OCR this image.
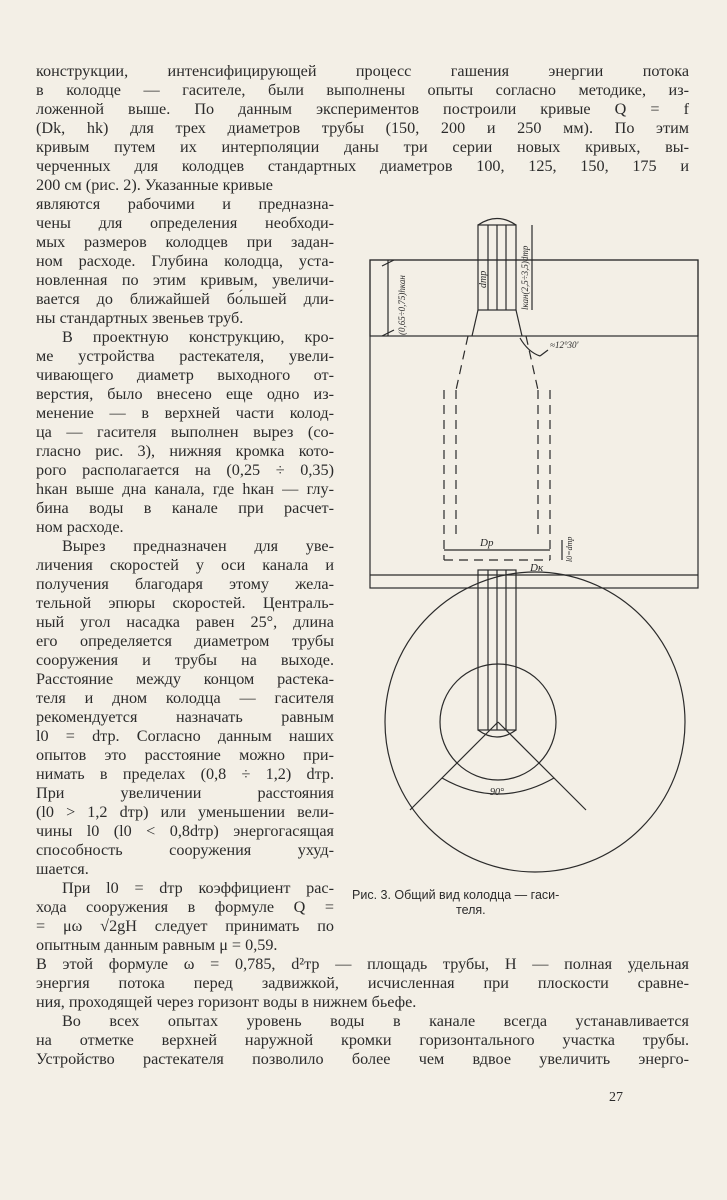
конструкции, интенсифицирующей процесс гашения энергии потока
в колодце — гасителе, были выполнены опыты согласно методике, из-
ложенной выше. По данным экспериментов построили кривые Q = f
(Dk, hk) для трех диаметров трубы (150, 200 и 250 мм). По этим
кривым путем их интерполяции даны три серии новых кривых, вы-
черченных для колодцев стандартных диаметров 100, 125, 150, 175 и
200 см (рис. 2). Указанные кривые
являются рабочими и предназна-
чены для определения необходи-
мых размеров колодцев при задан-
ном расходе. Глубина колодца, уста-
новленная по этим кривым, увеличи-
вается до ближайшей бо́льшей дли-
ны стандартных звеньев труб.
В проектную конструкцию, кро-
ме устройства растекателя, увели-
чивающего диаметр выходного от-
верстия, было внесено еще одно из-
менение — в верхней части колод-
ца — гасителя выполнен вырез (со-
гласно рис. 3), нижняя кромка кото-
рого располагается на (0,25 ÷ 0,35)
hкан выше дна канала, где hкан — глу-
бина воды в канале при расчет-
ном расходе.
Вырез предназначен для уве-
личения скоростей у оси канала и
получения благодаря этому жела-
тельной эпюры скоростей. Централь-
ный угол насадка равен 25°, длина
его определяется диаметром трубы
сооружения и трубы на выходе.
Расстояние между концом растека-
теля и дном колодца — гасителя
рекомендуется назначать равным
l0 = dтр. Согласно данным наших
опытов это расстояние можно при-
нимать в пределах (0,8 ÷ 1,2) dтр.
При увеличении расстояния
(l0 > 1,2 dтр) или уменьшении вели-
чины l0 (l0 < 0,8dтр) энергогасящая
способность сооружения ухуд-
шается.
При l0 = dтр коэффициент рас-
хода сооружения в формуле Q =
= μω √2gH следует принимать по
опытным данным равным μ = 0,59.
(0,65÷0,75)hкан	dтр	lкан(2,5÷3,5)dтр
≈12°30'
Dр
Dк
l0=dтр
90°
Рис. 3. Общий вид колодца — гаси-
теля.
В этой формуле ω = 0,785, d²тр — площадь трубы, H — полная удельная
энергия потока перед задвижкой, исчисленная при плоскости сравне-
ния, проходящей через горизонт воды в нижнем бьефе.
Во всех опытах уровень воды в канале всегда устанавливается
на отметке верхней наружной кромки горизонтального участка трубы.
Устройство растекателя позволило более чем вдвое увеличить энерго-
27
